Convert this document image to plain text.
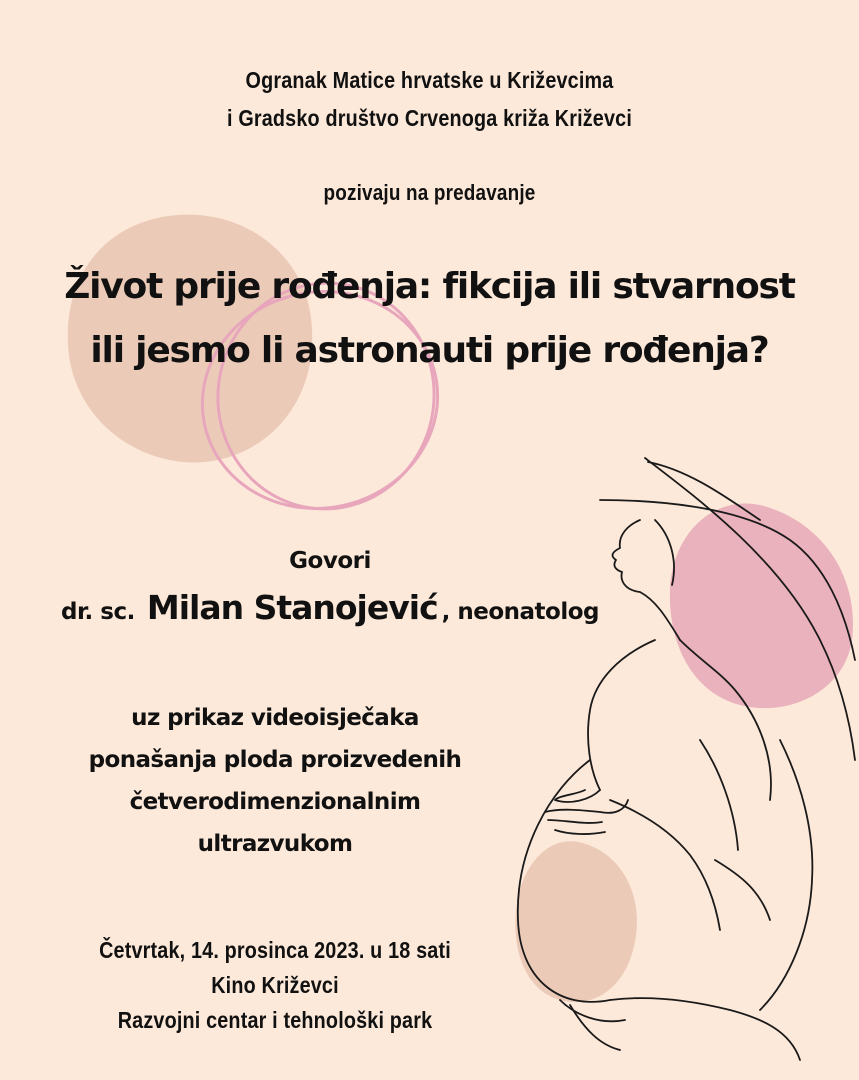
Ogranak Matice hrvatske u Križevcima
i Gradsko društvo Crvenoga križa Križevci
pozivaju na predavanje
Život prije rođenja: fikcija ili stvarnost
ili jesmo li astronauti prije rođenja?
Govori
dr. sc. Milan Stanojević , neonatolog
uz prikaz videoisječaka
ponašanja ploda proizvedenih
četverodimenzionalnim
ultrazvukom
Četvrtak, 14. prosinca 2023. u 18 sati
Kino Križevci
Razvojni centar i tehnološki park
